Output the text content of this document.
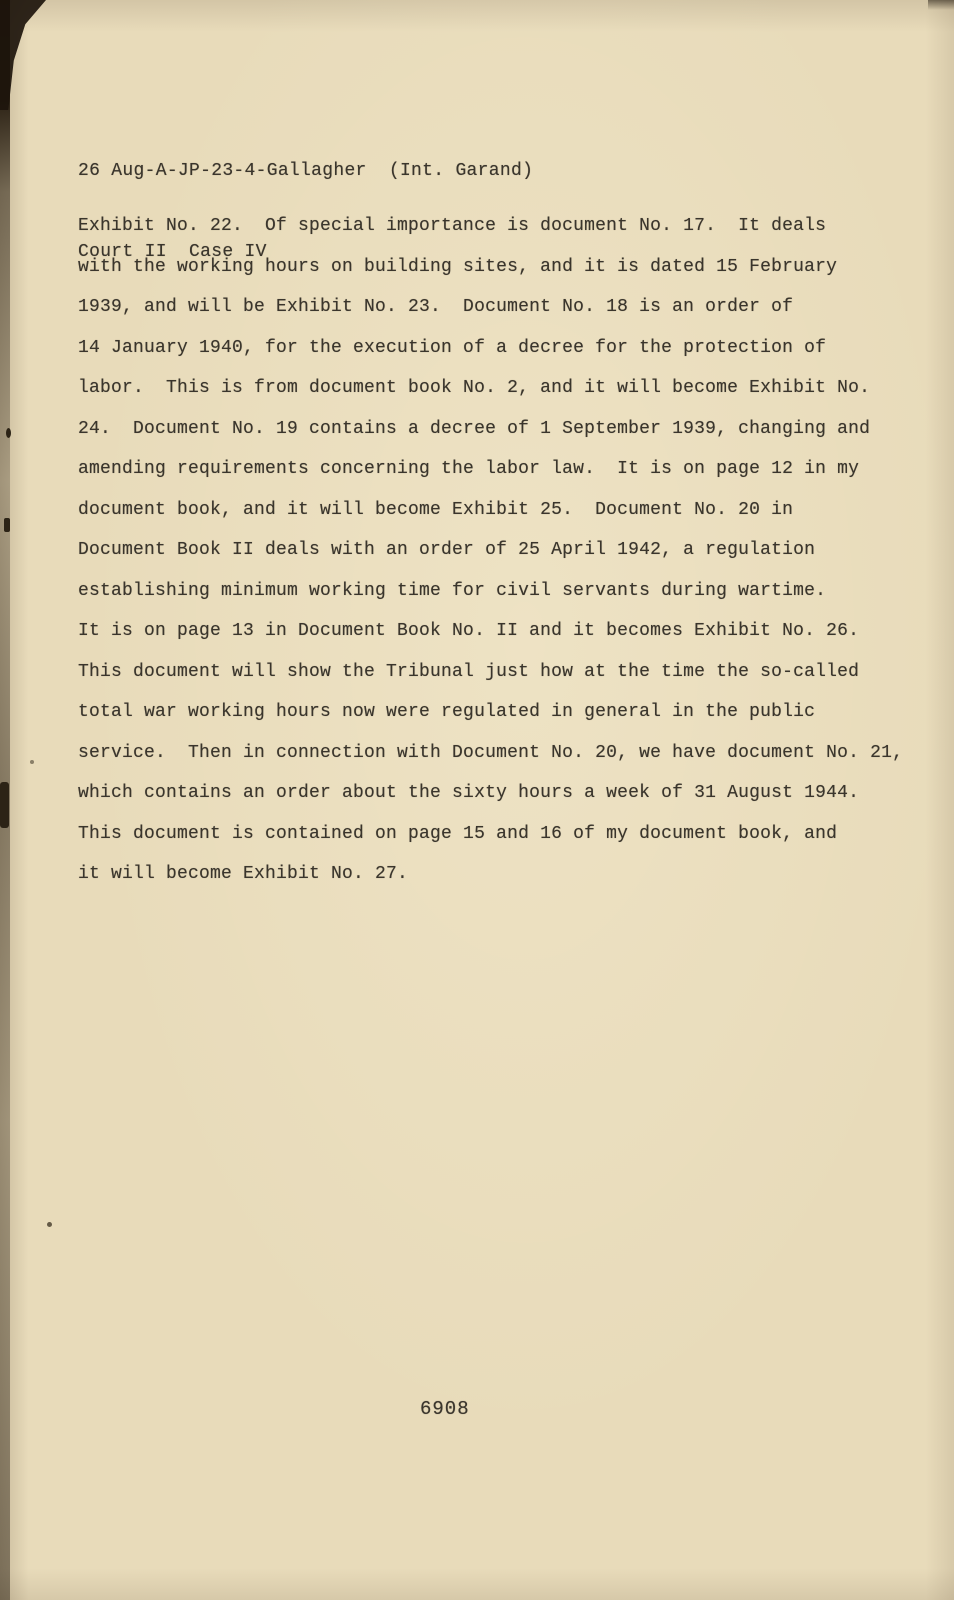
26 Aug-A-JP-23-4-Gallagher  (Int. Garand)

Court II  Case IV

Exhibit No. 22.  Of special importance is document No. 17.  It deals
with the working hours on building sites, and it is dated 15 February
1939, and will be Exhibit No. 23.  Document No. 18 is an order of
14 January 1940, for the execution of a decree for the protection of
labor.  This is from document book No. 2, and it will become Exhibit No.
24.  Document No. 19 contains a decree of 1 September 1939, changing and
amending requirements concerning the labor law.  It is on page 12 in my
document book, and it will become Exhibit 25.  Document No. 20 in
Document Book II deals with an order of 25 April 1942, a regulation
establishing minimum working time for civil servants during wartime.
It is on page 13 in Document Book No. II and it becomes Exhibit No. 26.
This document will show the Tribunal just how at the time the so-called
total war working hours now were regulated in general in the public
service.  Then in connection with Document No. 20, we have document No. 21,
which contains an order about the sixty hours a week of 31 August 1944.
This document is contained on page 15 and 16 of my document book, and
it will become Exhibit No. 27.
6908
